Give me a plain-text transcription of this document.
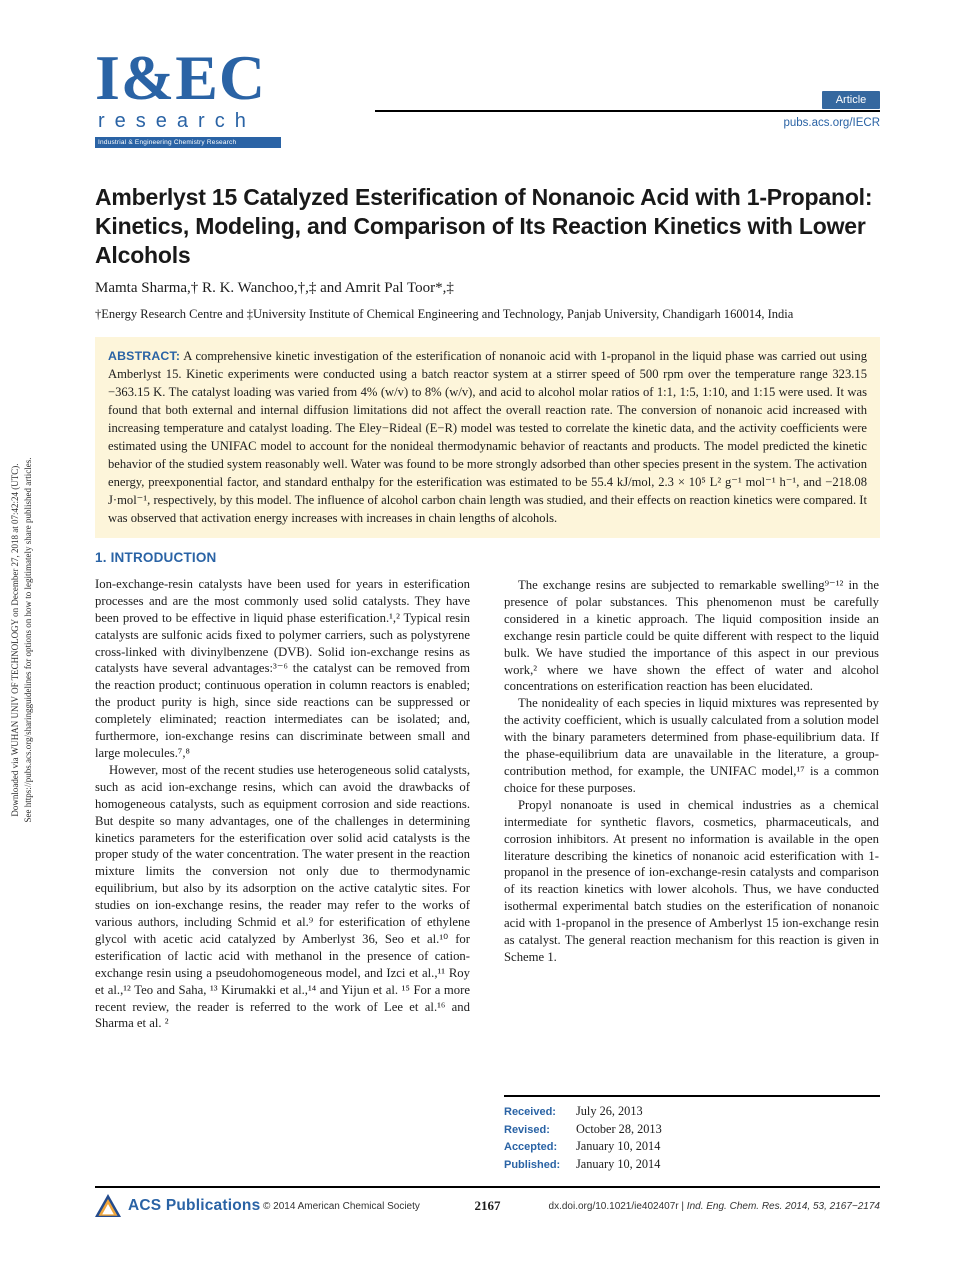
Downloaded via WUHAN UNIV OF TECHNOLOGY on December 27, 2018 at 07:42:24 (UTC). See https://pubs.acs.org/sharingguidelines for options on how to legitimately share published articles.
I&EC
research
Industrial & Engineering Chemistry Research
Article
pubs.acs.org/IECR
Amberlyst 15 Catalyzed Esterification of Nonanoic Acid with 1-Propanol: Kinetics, Modeling, and Comparison of Its Reaction Kinetics with Lower Alcohols
Mamta Sharma,† R. K. Wanchoo,†,‡ and Amrit Pal Toor*,‡
†Energy Research Centre and ‡University Institute of Chemical Engineering and Technology, Panjab University, Chandigarh 160014, India
ABSTRACT: A comprehensive kinetic investigation of the esterification of nonanoic acid with 1-propanol in the liquid phase was carried out using Amberlyst 15. Kinetic experiments were conducted using a batch reactor system at a stirrer speed of 500 rpm over the temperature range 323.15 −363.15 K. The catalyst loading was varied from 4% (w/v) to 8% (w/v), and acid to alcohol molar ratios of 1:1, 1:5, 1:10, and 1:15 were used. It was found that both external and internal diffusion limitations did not affect the overall reaction rate. The conversion of nonanoic acid increased with increasing temperature and catalyst loading. The Eley−Rideal (E−R) model was tested to correlate the kinetic data, and the activity coefficients were estimated using the UNIFAC model to account for the nonideal thermodynamic behavior of reactants and products. The model predicted the kinetic behavior of the studied system reasonably well. Water was found to be more strongly adsorbed than other species present in the system. The activation energy, preexponential factor, and standard enthalpy for the esterification was estimated to be 55.4 kJ/mol, 2.3 × 10⁵ L² g⁻¹ mol⁻¹ h⁻¹, and −218.08 J·mol⁻¹, respectively, by this model. The influence of alcohol carbon chain length was studied, and their effects on reaction kinetics were compared. It was observed that activation energy increases with increases in chain lengths of alcohols.
1. INTRODUCTION

Ion-exchange-resin catalysts have been used for years in esterification processes and are the most commonly used solid catalysts. They have been proved to be effective in liquid phase esterification.¹,² Typical resin catalysts are sulfonic acids fixed to polymer carriers, such as polystyrene cross-linked with divinylbenzene (DVB). Solid ion-exchange resins as catalysts have several advantages:³⁻⁶ the catalyst can be removed from the reaction product; continuous operation in column reactors is enabled; the product purity is high, since side reactions can be suppressed or completely eliminated; reaction intermediates can be isolated; and, furthermore, ion-exchange resins can discriminate between small and large molecules.⁷,⁸

However, most of the recent studies use heterogeneous solid catalysts, such as acid ion-exchange resins, which can avoid the drawbacks of homogeneous catalysts, such as equipment corrosion and side reactions. But despite so many advantages, one of the challenges in determining kinetics parameters for the esterification over solid acid catalysts is the proper study of the water concentration. The water present in the reaction mixture limits the conversion not only due to thermodynamic equilibrium, but also by its adsorption on the active catalytic sites. For studies on ion-exchange resins, the reader may refer to the works of various authors, including Schmid et al.⁹ for esterification of ethylene glycol with acetic acid catalyzed by Amberlyst 36, Seo et al.¹⁰ for esterification of lactic acid with methanol in the presence of cation-exchange resin using a pseudohomogeneous model, and Izci et al.,¹¹ Roy et al.,¹² Teo and Saha, ¹³ Kirumakki et al.,¹⁴ and Yijun et al. ¹⁵ For a more recent review, the reader is referred to the work of Lee et al.¹⁶ and Sharma et al. ²

The exchange resins are subjected to remarkable swelling⁹⁻¹² in the presence of polar substances. This phenomenon must be carefully considered in a kinetic approach. The liquid composition inside an exchange resin particle could be quite different with respect to the liquid bulk. We have studied the importance of this aspect in our previous work,² where we have shown the effect of water and alcohol concentrations on esterification reaction has been elucidated.

The nonideality of each species in liquid mixtures was represented by the activity coefficient, which is usually calculated from a solution model with the binary parameters determined from phase-equilibrium data. If the phase-equilibrium data are unavailable in the literature, a group-contribution method, for example, the UNIFAC model,¹⁷ is a common choice for these purposes.

Propyl nonanoate is used in chemical industries as a chemical intermediate for synthetic flavors, cosmetics, pharmaceuticals, and corrosion inhibitors. At present no information is available in the open literature describing the kinetics of nonanoic acid esterification with 1-propanol in the presence of ion-exchange-resin catalysts and comparison of its reaction kinetics with lower alcohols. Thus, we have conducted isothermal experimental batch studies on the esterification of nonanoic acid with 1-propanol in the presence of Amberlyst 15 ion-exchange resin as catalyst. The general reaction mechanism for this reaction is given in Scheme 1.

Received:	July 26, 2013
Revised:	October 28, 2013
Accepted:	January 10, 2014
Published:	January 10, 2014
ACS Publications © 2014 American Chemical Society	2167	dx.doi.org/10.1021/ie402407r | Ind. Eng. Chem. Res. 2014, 53, 2167−2174
